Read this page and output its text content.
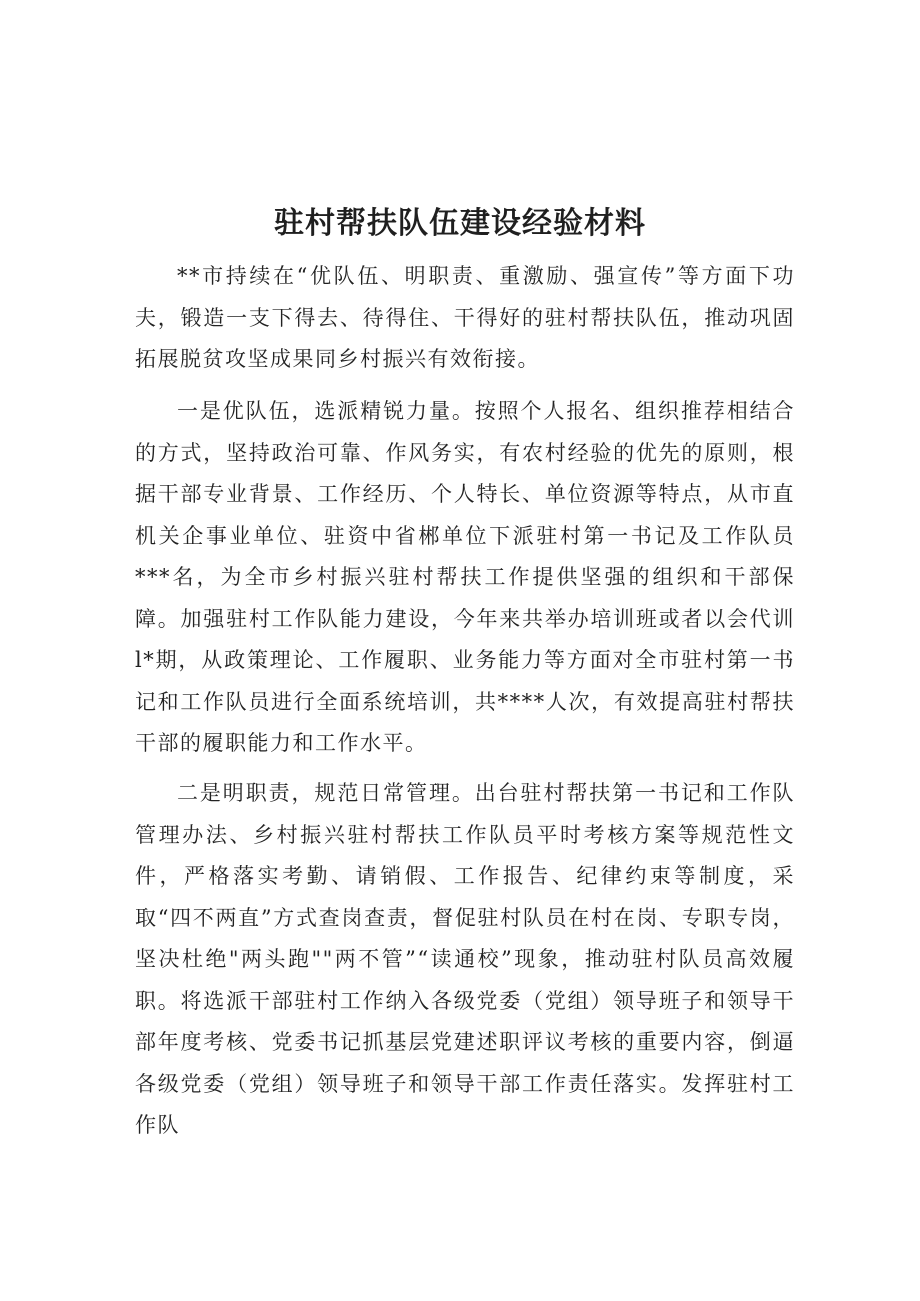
驻村帮扶队伍建设经验材料

**市持续在“优队伍、明职责、重激励、强宣传”等方面下功夫，锻造一支下得去、待得住、干得好的驻村帮扶队伍，推动巩固拓展脱贫攻坚成果同乡村振兴有效衔接。

一是优队伍，选派精锐力量。按照个人报名、组织推荐相结合的方式，坚持政治可靠、作风务实，有农村经验的优先的原则，根据干部专业背景、工作经历、个人特长、单位资源等特点，从市直机关企事业单位、驻资中省郴单位下派驻村第一书记及工作队员***名，为全市乡村振兴驻村帮扶工作提供坚强的组织和干部保障。加强驻村工作队能力建设，今年来共举办培训班或者以会代训l*期，从政策理论、工作履职、业务能力等方面对全市驻村第一书记和工作队员进行全面系统培训，共****人次，有效提高驻村帮扶干部的履职能力和工作水平。

二是明职责，规范日常管理。出台驻村帮扶第一书记和工作队管理办法、乡村振兴驻村帮扶工作队员平时考核方案等规范性文件，严格落实考勤、请销假、工作报告、纪律约束等制度，采取“四不两直”方式查岗查责，督促驻村队员在村在岗、专职专岗，坚决杜绝"两头跑""两不管”“读通校”现象，推动驻村队员高效履职。将选派干部驻村工作纳入各级党委（党组）领导班子和领导干部年度考核、党委书记抓基层党建述职评议考核的重要内容，倒逼各级党委（党组）领导班子和领导干部工作责任落实。发挥驻村工作队
